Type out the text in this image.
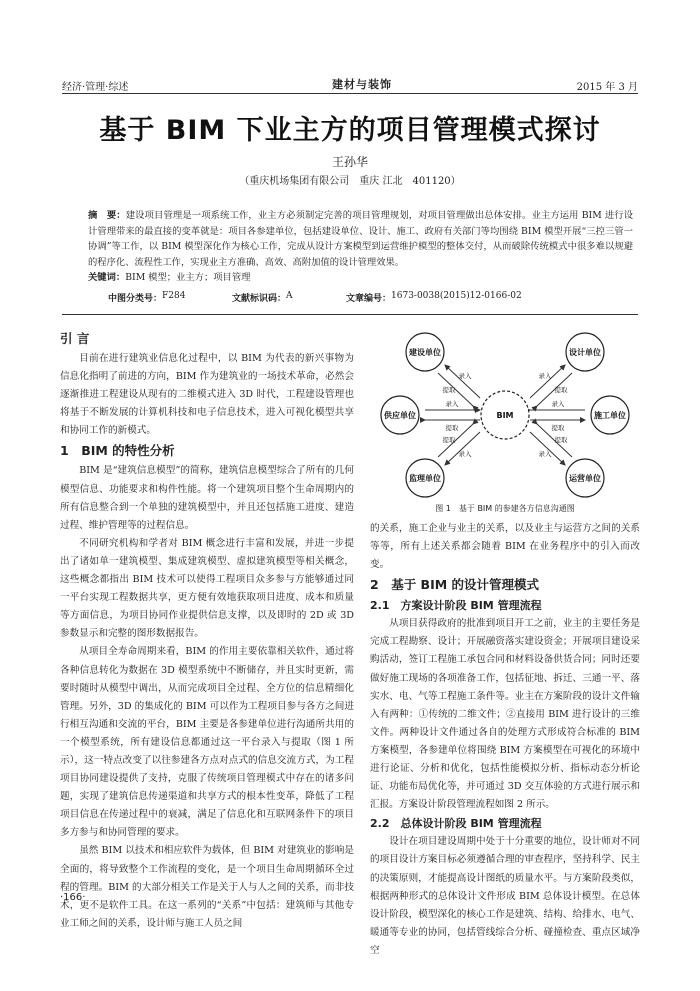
经济·管理·综述	建材与装饰	2015 年 3 月
基于 BIM 下业主方的项目管理模式探讨
王孙华
（重庆机场集团有限公司　重庆 江北　401120）
摘　要：建设项目管理是一项系统工作，业主方必须制定完善的项目管理规划，对项目管理做出总体安排。业主方运用 BIM 进行设计管理带来的最直接的变革就是：项目各参建单位，包括建设单位、设计、施工、政府有关部门等均围绕 BIM 模型开展“三控三管一协调”等工作，以 BIM 模型深化作为核心工作，完成从设计方案模型到运营维护模型的整体交付，从而破除传统模式中很多难以规避的程序化、流程性工作，实现业主方准确、高效、高附加值的设计管理效果。
关键词：BIM 模型；业主方；项目管理
中图分类号： F284	文献标识码： A	文章编号： 1673-0038(2015)12-0166-02
引 言

目前在进行建筑业信息化过程中，以 BIM 为代表的新兴事物为信息化指明了前进的方向，BIM 作为建筑业的一场技术革命，必然会逐渐推进工程建设从现有的二维模式进入 3D 时代，工程建设管理也将基于不断发展的计算机科技和电子信息技术，进入可视化模型共享和协同工作的新模式。

1　BIM 的特性分析

BIM 是“建筑信息模型”的简称，建筑信息模型综合了所有的几何模型信息、功能要求和构件性能。将一个建筑项目整个生命周期内的所有信息整合到一个单独的建筑模型中，并且还包括施工进度、建造过程、维护管理等的过程信息。

不同研究机构和学者对 BIM 概念进行丰富和发展，并进一步提出了诸如单一建筑模型、集成建筑模型、虚拟建筑模型等相关概念，这些概念都指出 BIM 技术可以使得工程项目众多参与方能够通过同一平台实现工程数据共享，更方便有效地获取项目进度、成本和质量等方面信息，为项目协同作业提供信息支撑，以及即时的 2D 或 3D 参数显示和完整的图形数据报告。

从项目全寿命周期来看，BIM 的作用主要依靠相关软件，通过将各种信息转化为数据在 3D 模型系统中不断储存，并且实时更新，需要时随时从模型中调出，从而完成项目全过程、全方位的信息精细化管理。另外，3D 的集成化的 BIM 可以作为工程项目参与各方之间进行相互沟通和交流的平台，BIM 主要是各参建单位进行沟通所共用的一个模型系统，所有建设信息都通过这一平台录入与提取（图 1 所示），这一特点改变了以往参建各方点对点式的信息交流方式，为工程项目协同建设提供了支持，克服了传统项目管理模式中存在的诸多问题，实现了建筑信息传递渠道和共享方式的根本性变革，降低了工程项目信息在传递过程中的衰减，满足了信息化和互联网条件下的项目多方参与和协同管理的要求。

虽然 BIM 以技术和相应软件为载体，但 BIM 对建筑业的影响是全面的，将导致整个工作流程的变化，是一个项目生命周期循环全过程的管理。BIM 的大部分相关工作是关于人与人之间的关系，而非技术，更不是软件工具。在这一系列的“关系”中包括：建筑师与其他专业工师之间的关系，设计师与施工人员之间

BIM
建设单位	设计单位
供应单位	施工单位
监理单位	运营单位
录入
提取
录入
提取
录入
提取
录入
提取
录入
提取
录入
提取
图 1　基于 BIM 的参建各方信息沟通图

的关系，施工企业与业主的关系，以及业主与运营方之间的关系等等，所有上述关系都会随着 BIM 在业务程序中的引入而改变。

2　基于 BIM 的设计管理模式
2.1　方案设计阶段 BIM 管理流程

从项目获得政府的批准到项目开工之前，业主的主要任务是完成工程勘察、设计；开展融资落实建设资金；开展项目建设采购活动，签订工程施工承包合同和材料设备供货合同；同时还要做好施工现场的各项准备工作，包括征地、拆迁、三通一平、落实水、电、气等工程施工条件等。业主在方案阶段的设计文件输入有两种：①传统的二维文件；②直接用 BIM 进行设计的三维文件。两种设计文件通过各自的处理方式形成符合标准的 BIM 方案模型，各参建单位将围绕 BIM 方案模型在可视化的环境中进行论证、分析和优化，包括性能模拟分析、指标动态分析论证、功能布局优化等，并可通过 3D 交互体验的方式进行展示和汇报。方案设计阶段管理流程如图 2 所示。

2.2　总体设计阶段 BIM 管理流程

设计在项目建设周期中处于十分重要的地位，设计师对不同的项目设计方案目标必须遵循合理的审查程序，坚持科学、民主的决策原则，才能提高设计图纸的质量水平。与方案阶段类似，根据两种形式的总体设计文件形成 BIM 总体设计模型。在总体设计阶段，模型深化的核心工作是建筑、结构、给排水、电气、暖通等专业的协同，包括管线综合分析、碰撞检查、重点区域净空

·166·
